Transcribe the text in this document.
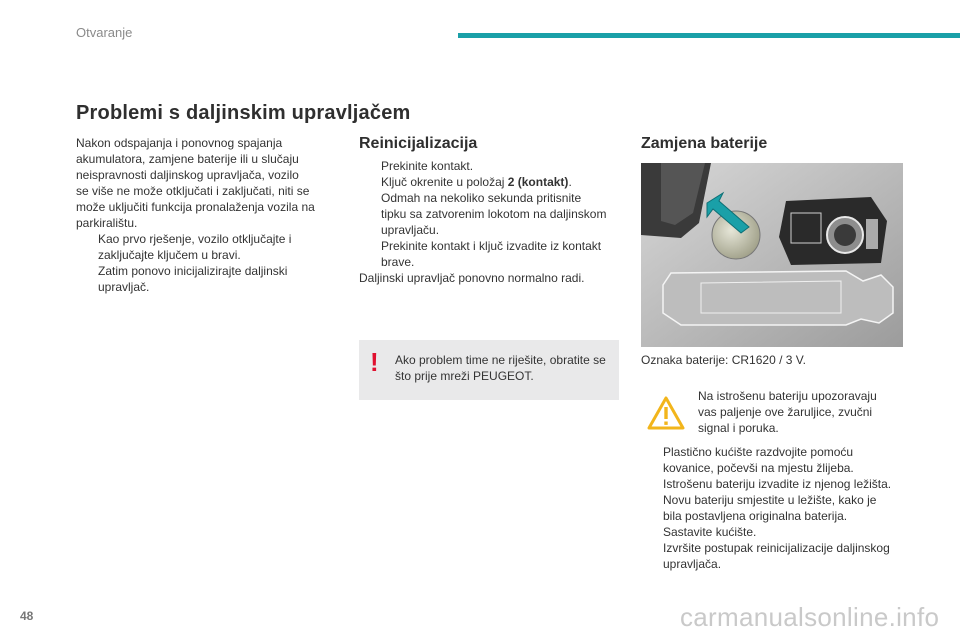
Otvaranje
Problemi s daljinskim upravljačem

Nakon odspajanja i ponovnog spajanja

akumulatora, zamjene baterije ili u slučaju

neispravnosti daljinskog upravljača, vozilo

se više ne može otključati i zaključati, niti se

može uključiti funkcija pronalaženja vozila na

parkiralištu.

Kao prvo rješenje, vozilo otključajte i

zaključajte ključem u bravi.

Zatim ponovo inicijalizirajte daljinski

upravljač.

Reinicijalizacija

Prekinite kontakt.

Ključ okrenite u položaj 2 (kontakt).

Odmah na nekoliko sekunda pritisnite

tipku sa zatvorenim lokotom na daljinskom

upravljaču.

Prekinite kontakt i ključ izvadite iz kontakt

brave.

Daljinski upravljač ponovno normalno radi.

! Ako problem time ne riješite, obratite se

što prije mreži PEUGEOT.

Zamjena baterije
Oznaka baterije: CR1620 / 3 V.

Na istrošenu bateriju upozoravaju

vas paljenje ove žaruljice, zvučni

signal i poruka.

Plastično kućište razdvojite pomoću

kovanice, počevši na mjestu žlijeba.

Istrošenu bateriju izvadite iz njenog ležišta.

Novu bateriju smjestite u ležište, kako je

bila postavljena originalna baterija.

Sastavite kućište.

Izvršite postupak reinicijalizacije daljinskog

upravljača.

48	carmanualsonline.info
